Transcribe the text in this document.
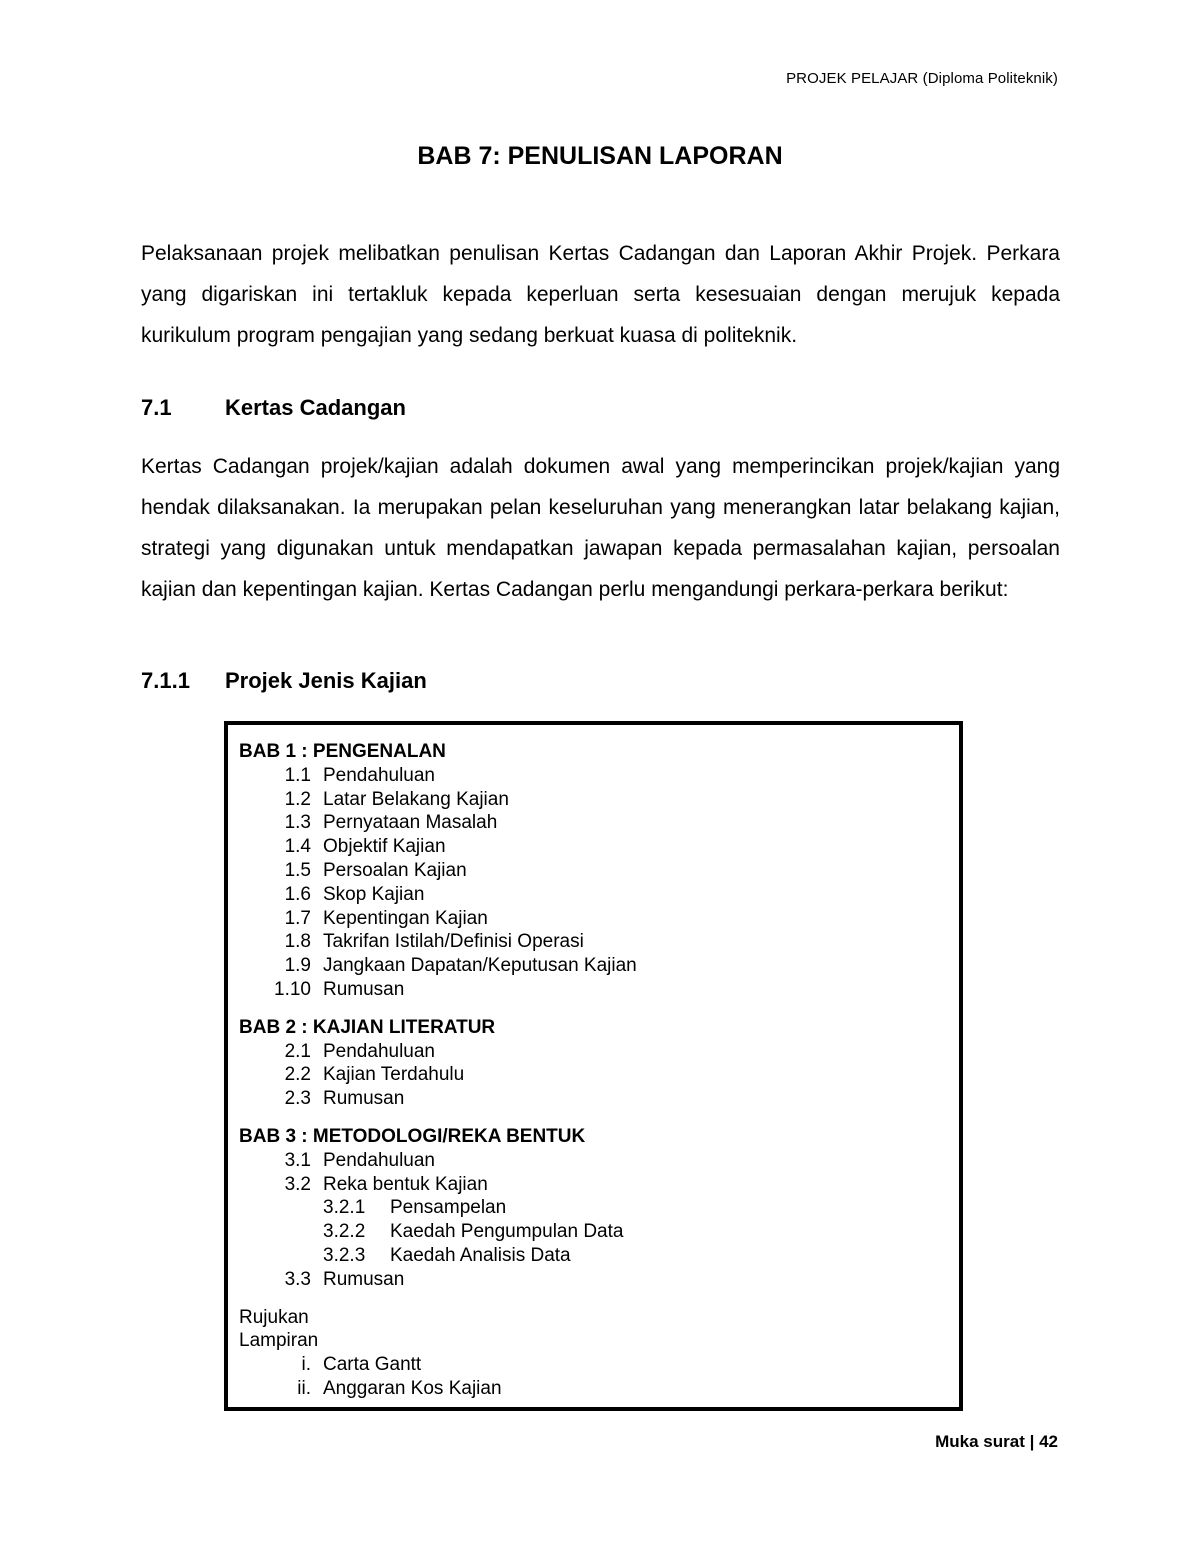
PROJEK PELAJAR (Diploma Politeknik)
BAB 7: PENULISAN LAPORAN

Pelaksanaan projek melibatkan penulisan Kertas Cadangan dan Laporan Akhir Projek. Perkara yang digariskan ini tertakluk kepada keperluan serta kesesuaian dengan merujuk kepada kurikulum program pengajian yang sedang berkuat kuasa di politeknik.

7.1 Kertas Cadangan

Kertas Cadangan projek/kajian adalah dokumen awal yang memperincikan projek/kajian yang hendak dilaksanakan. Ia merupakan pelan keseluruhan yang menerangkan latar belakang kajian, strategi yang digunakan untuk mendapatkan jawapan kepada permasalahan kajian, persoalan kajian dan kepentingan kajian. Kertas Cadangan perlu mengandungi perkara-perkara berikut:

7.1.1 Projek Jenis Kajian
BAB 1 : PENGENALAN
1.1 Pendahuluan
1.2 Latar Belakang Kajian
1.3 Pernyataan Masalah
1.4 Objektif Kajian
1.5 Persoalan Kajian
1.6 Skop Kajian
1.7 Kepentingan Kajian
1.8 Takrifan Istilah/Definisi Operasi
1.9 Jangkaan Dapatan/Keputusan Kajian
1.10 Rumusan
BAB 2 : KAJIAN LITERATUR
2.1 Pendahuluan
2.2 Kajian Terdahulu
2.3 Rumusan
BAB 3 : METODOLOGI/REKA BENTUK
3.1 Pendahuluan
3.2 Reka bentuk Kajian
3.2.1 Pensampelan
3.2.2 Kaedah Pengumpulan Data
3.2.3 Kaedah Analisis Data
3.3 Rumusan
Rujukan
Lampiran
i. Carta Gantt
ii. Anggaran Kos Kajian
Muka surat | 42
